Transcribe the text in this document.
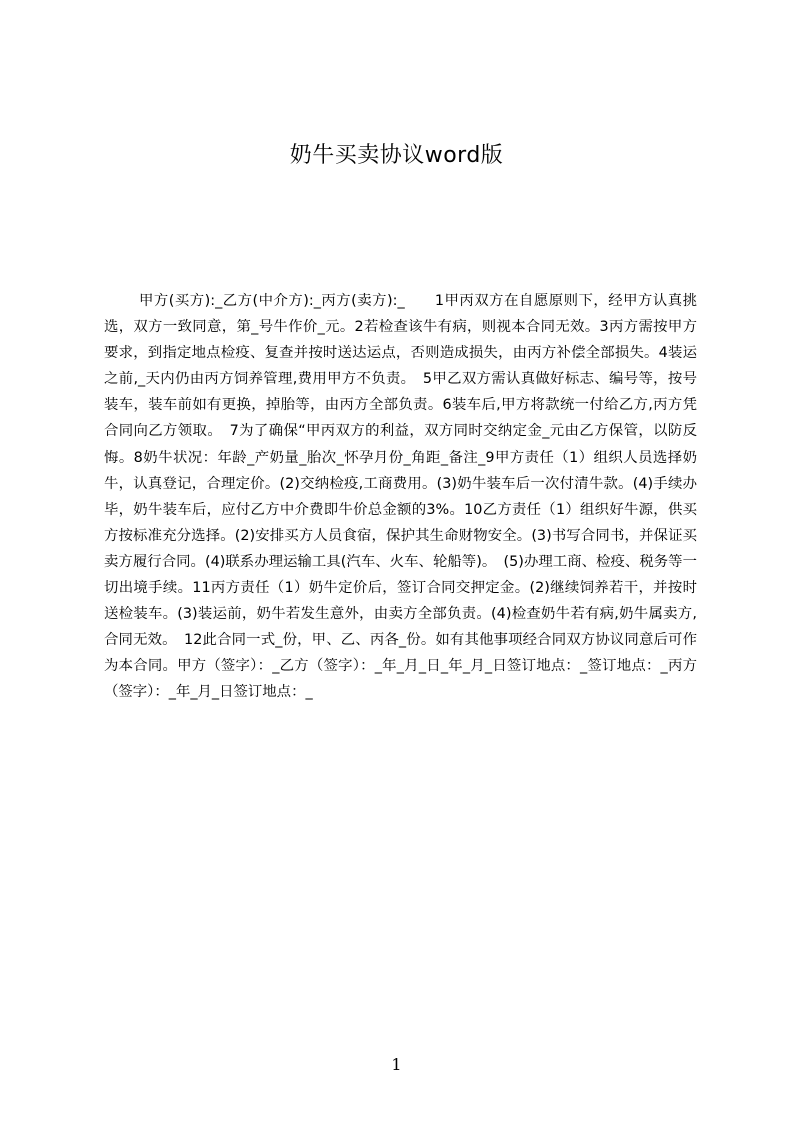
奶牛买卖协议word版

甲方(买方):_乙方(中介方):_丙方(卖方):_　　1甲丙双方在自愿原则下，经甲方认真挑选，双方一致同意，第_号牛作价_元。2若检查该牛有病，则视本合同无效。3丙方需按甲方要求，到指定地点检疫、复查并按时送达运点，否则造成损失，由丙方补偿全部损失。4装运之前,_天内仍由丙方饲养管理,费用甲方不负责。　5甲乙双方需认真做好标志、编号等，按号装车，装车前如有更换，掉胎等，由丙方全部负责。6装车后,甲方将款统一付给乙方,丙方凭合同向乙方领取。　7为了确保“甲丙双方的利益，双方同时交纳定金_元由乙方保管，以防反悔。8奶牛状况：年龄_产奶量_胎次_怀孕月份_角距_备注_9甲方责任（1）组织人员选择奶牛，认真登记，合理定价。(2)交纳检疫,工商费用。(3)奶牛装车后一次付清牛款。(4)手续办毕，奶牛装车后，应付乙方中介费即牛价总金额的3%。10乙方责任（1）组织好牛源，供买方按标准充分选择。(2)安排买方人员食宿，保护其生命财物安全。(3)书写合同书，并保证买卖方履行合同。(4)联系办理运输工具(汽车、火车、轮船等)。　(5)办理工商、检疫、税务等一切出境手续。11丙方责任（1）奶牛定价后，签订合同交押定金。(2)继续饲养若干，并按时送检装车。(3)装运前，奶牛若发生意外，由卖方全部负责。(4)检查奶牛若有病,奶牛属卖方,合同无效。　12此合同一式_份，甲、乙、丙各_份。如有其他事项经合同双方协议同意后可作为本合同。甲方（签字）：_乙方（签字）：_年_月_日_年_月_日签订地点：_签订地点：_丙方（签字）：_年_月_日签订地点：_

1
